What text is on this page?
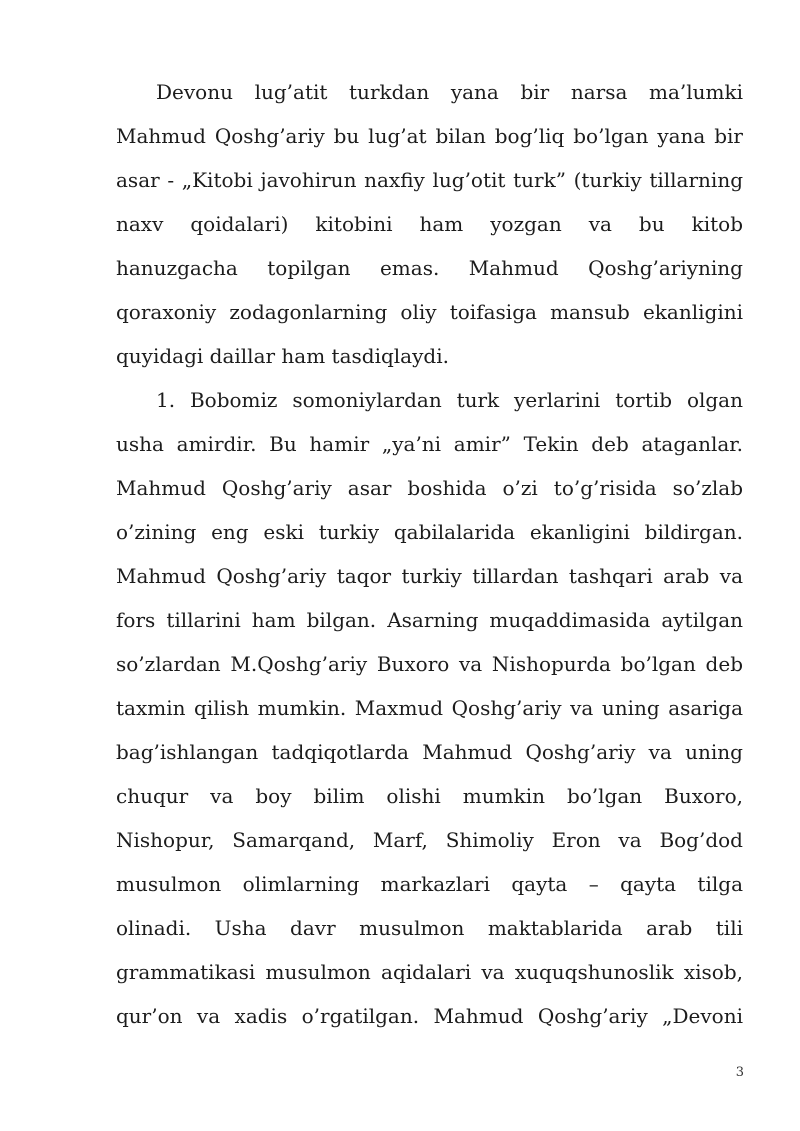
Devonu lug’atit turkdan yana bir narsa ma’lumki
Mahmud Qoshg’ariy bu lug’at bilan bog’liq bo’lgan yana bir
asar - „Kitobi javohirun naxfiy lug’otit turk” (turkiy tillarning
naxv qoidalari) kitobini ham yozgan va bu kitob
hanuzgacha topilgan emas. Mahmud Qoshg’ariyning
qoraxoniy zodagonlarning oliy toifasiga mansub ekanligini
quyidagi daillar ham tasdiqlaydi.
1. Bobomiz somoniylardan turk yerlarini tortib olgan
usha amirdir. Bu hamir „ya’ni amir” Tekin deb ataganlar.
Mahmud Qoshg’ariy asar boshida o’zi to’g’risida so’zlab
o’zining eng eski turkiy qabilalarida ekanligini bildirgan.
Mahmud Qoshg’ariy taqor turkiy tillardan tashqari arab va
fors tillarini ham bilgan. Asarning muqaddimasida aytilgan
so’zlardan M.Qoshg’ariy Buxoro va Nishopurda bo’lgan deb
taxmin qilish mumkin. Maxmud Qoshg’ariy va uning asariga
bag’ishlangan tadqiqotlarda Mahmud Qoshg’ariy va uning
chuqur va boy bilim olishi mumkin bo’lgan Buxoro,
Nishopur, Samarqand, Marf, Shimoliy Eron va Bog’dod
musulmon olimlarning markazlari qayta – qayta tilga
olinadi. Usha davr musulmon maktablarida arab tili
grammatikasi musulmon aqidalari va xuquqshunoslik xisob,
qur’on va xadis o’rgatilgan. Mahmud Qoshg’ariy „Devoni
3
